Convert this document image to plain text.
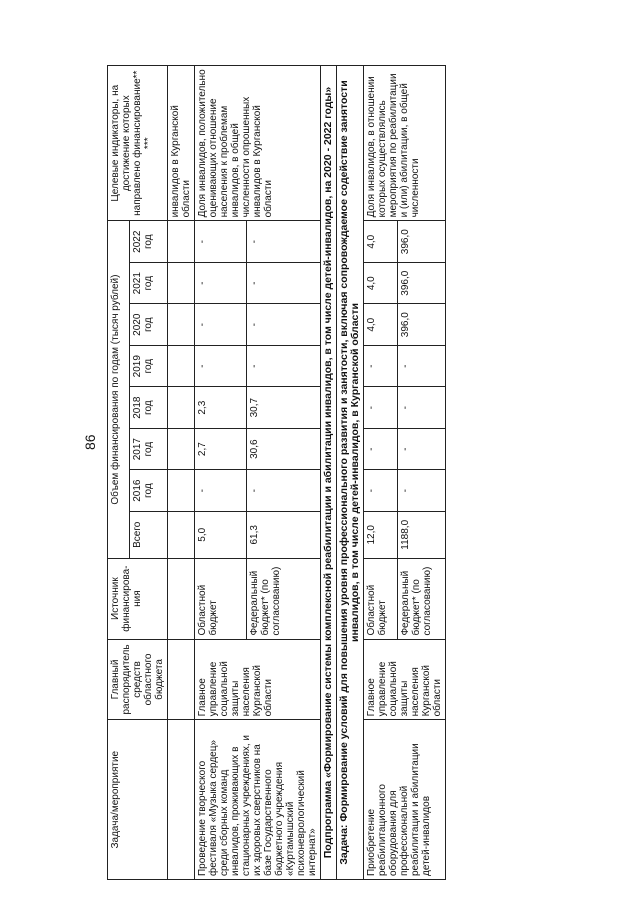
86
Задача/мероприятие	Главный распорядитель средств областного бюджета	Источник финансирова-ния	Объем финансирования по годам (тысяч рублей)								Целевые индикаторы, на достижение которых направлено финансирование** ***
			Всего	2016 год	2017 год	2018 год	2019 год	2020 год	2021 год	2022 год	
											инвалидов в Курганской области
Проведение творческого фестиваля «Музыка сердец» среди сборных команд инвалидов, проживающих в стационарных учреждениях, и их здоровых сверстников на базе Государственного бюджетного учреждения «Куртамышский психоневрологический интернат»	Главное управление социальной защиты населения Курганской области	Областной бюджет	5,0	-	2,7	2,3	-	-	-	-	Доля инвалидов, положительно оценивающих отношение населения к проблемам инвалидов, в общей численности опрошенных инвалидов в Курганской области
		Федеральный бюджет* (по согласованию)	61,3	-	30,6	30,7	-	-	-	-	
Подпрограмма «Формирование системы комплексной реабилитации и абилитации инвалидов, в том числе детей-инвалидов, на 2020 - 2022 годы»											
Задача: Формирование условий для повышения уровня профессионального развития и занятости, включая сопровождаемое содействие занятости инвалидов, в том числе детей-инвалидов, в Курганской области											
Приобретение реабилитационного оборудования для профессиональной реабилитации и абилитации детей-инвалидов	Главное управление социальной защиты населения Курганской области	Областной бюджет	12,0	-	-	-	-	4,0	4,0	4,0	Доля инвалидов, в отношении которых осуществлялись мероприятия по реабилитации и (или) абилитации, в общей численности
		Федеральный бюджет* (по согласованию)	1188,0	-	-	-	-	396,0	396,0	396,0	
